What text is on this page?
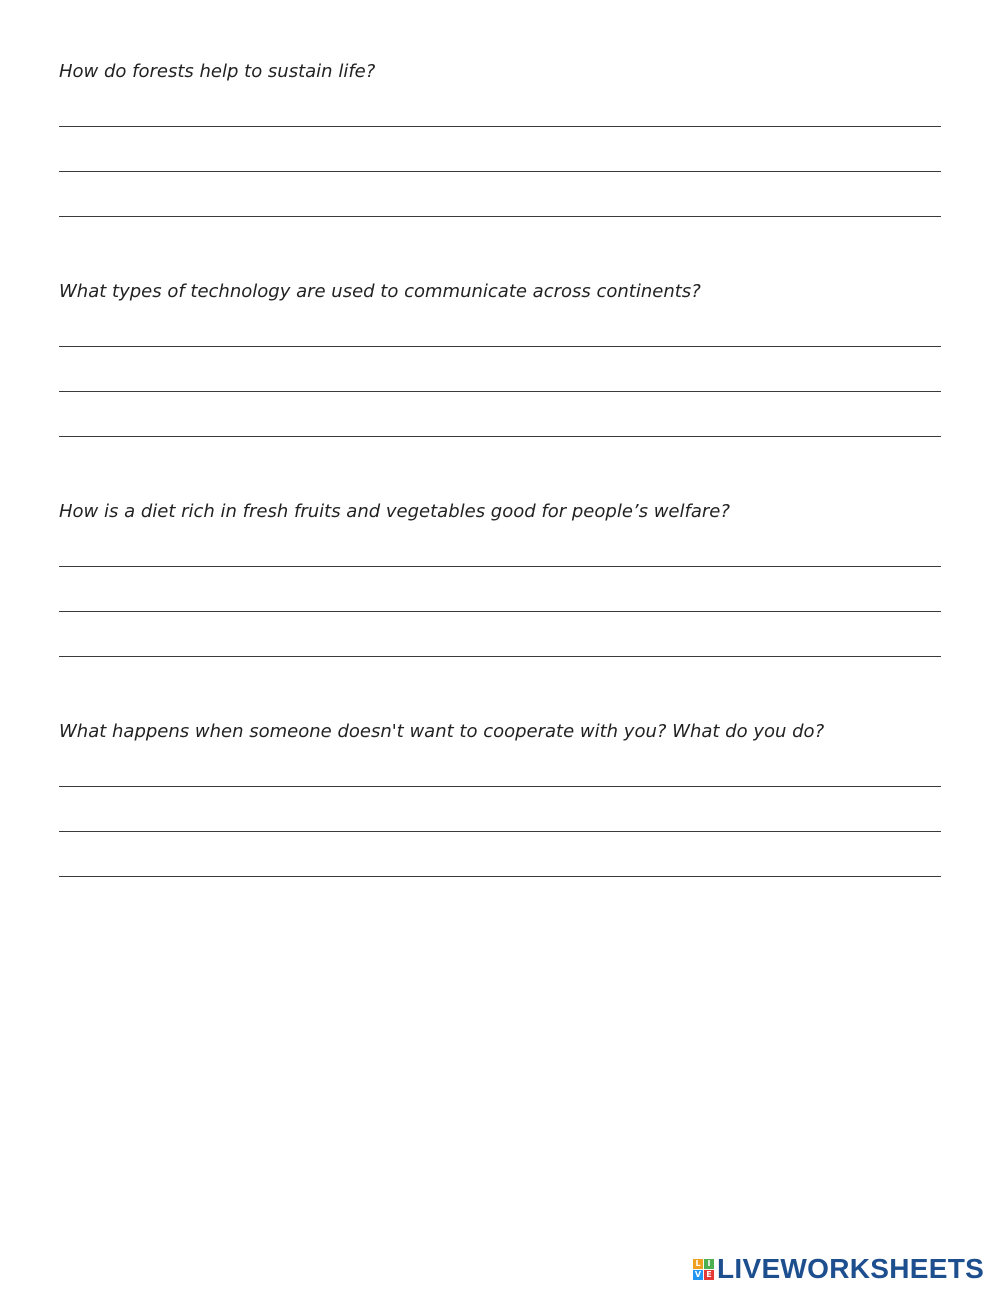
How do forests help to sustain life?

What types of technology are used to communicate across continents?

How is a diet rich in fresh fruits and vegetables good for people’s welfare?

What happens when someone doesn't want to cooperate with you? What do you do?

L I
V E LIVEWORKSHEETS
